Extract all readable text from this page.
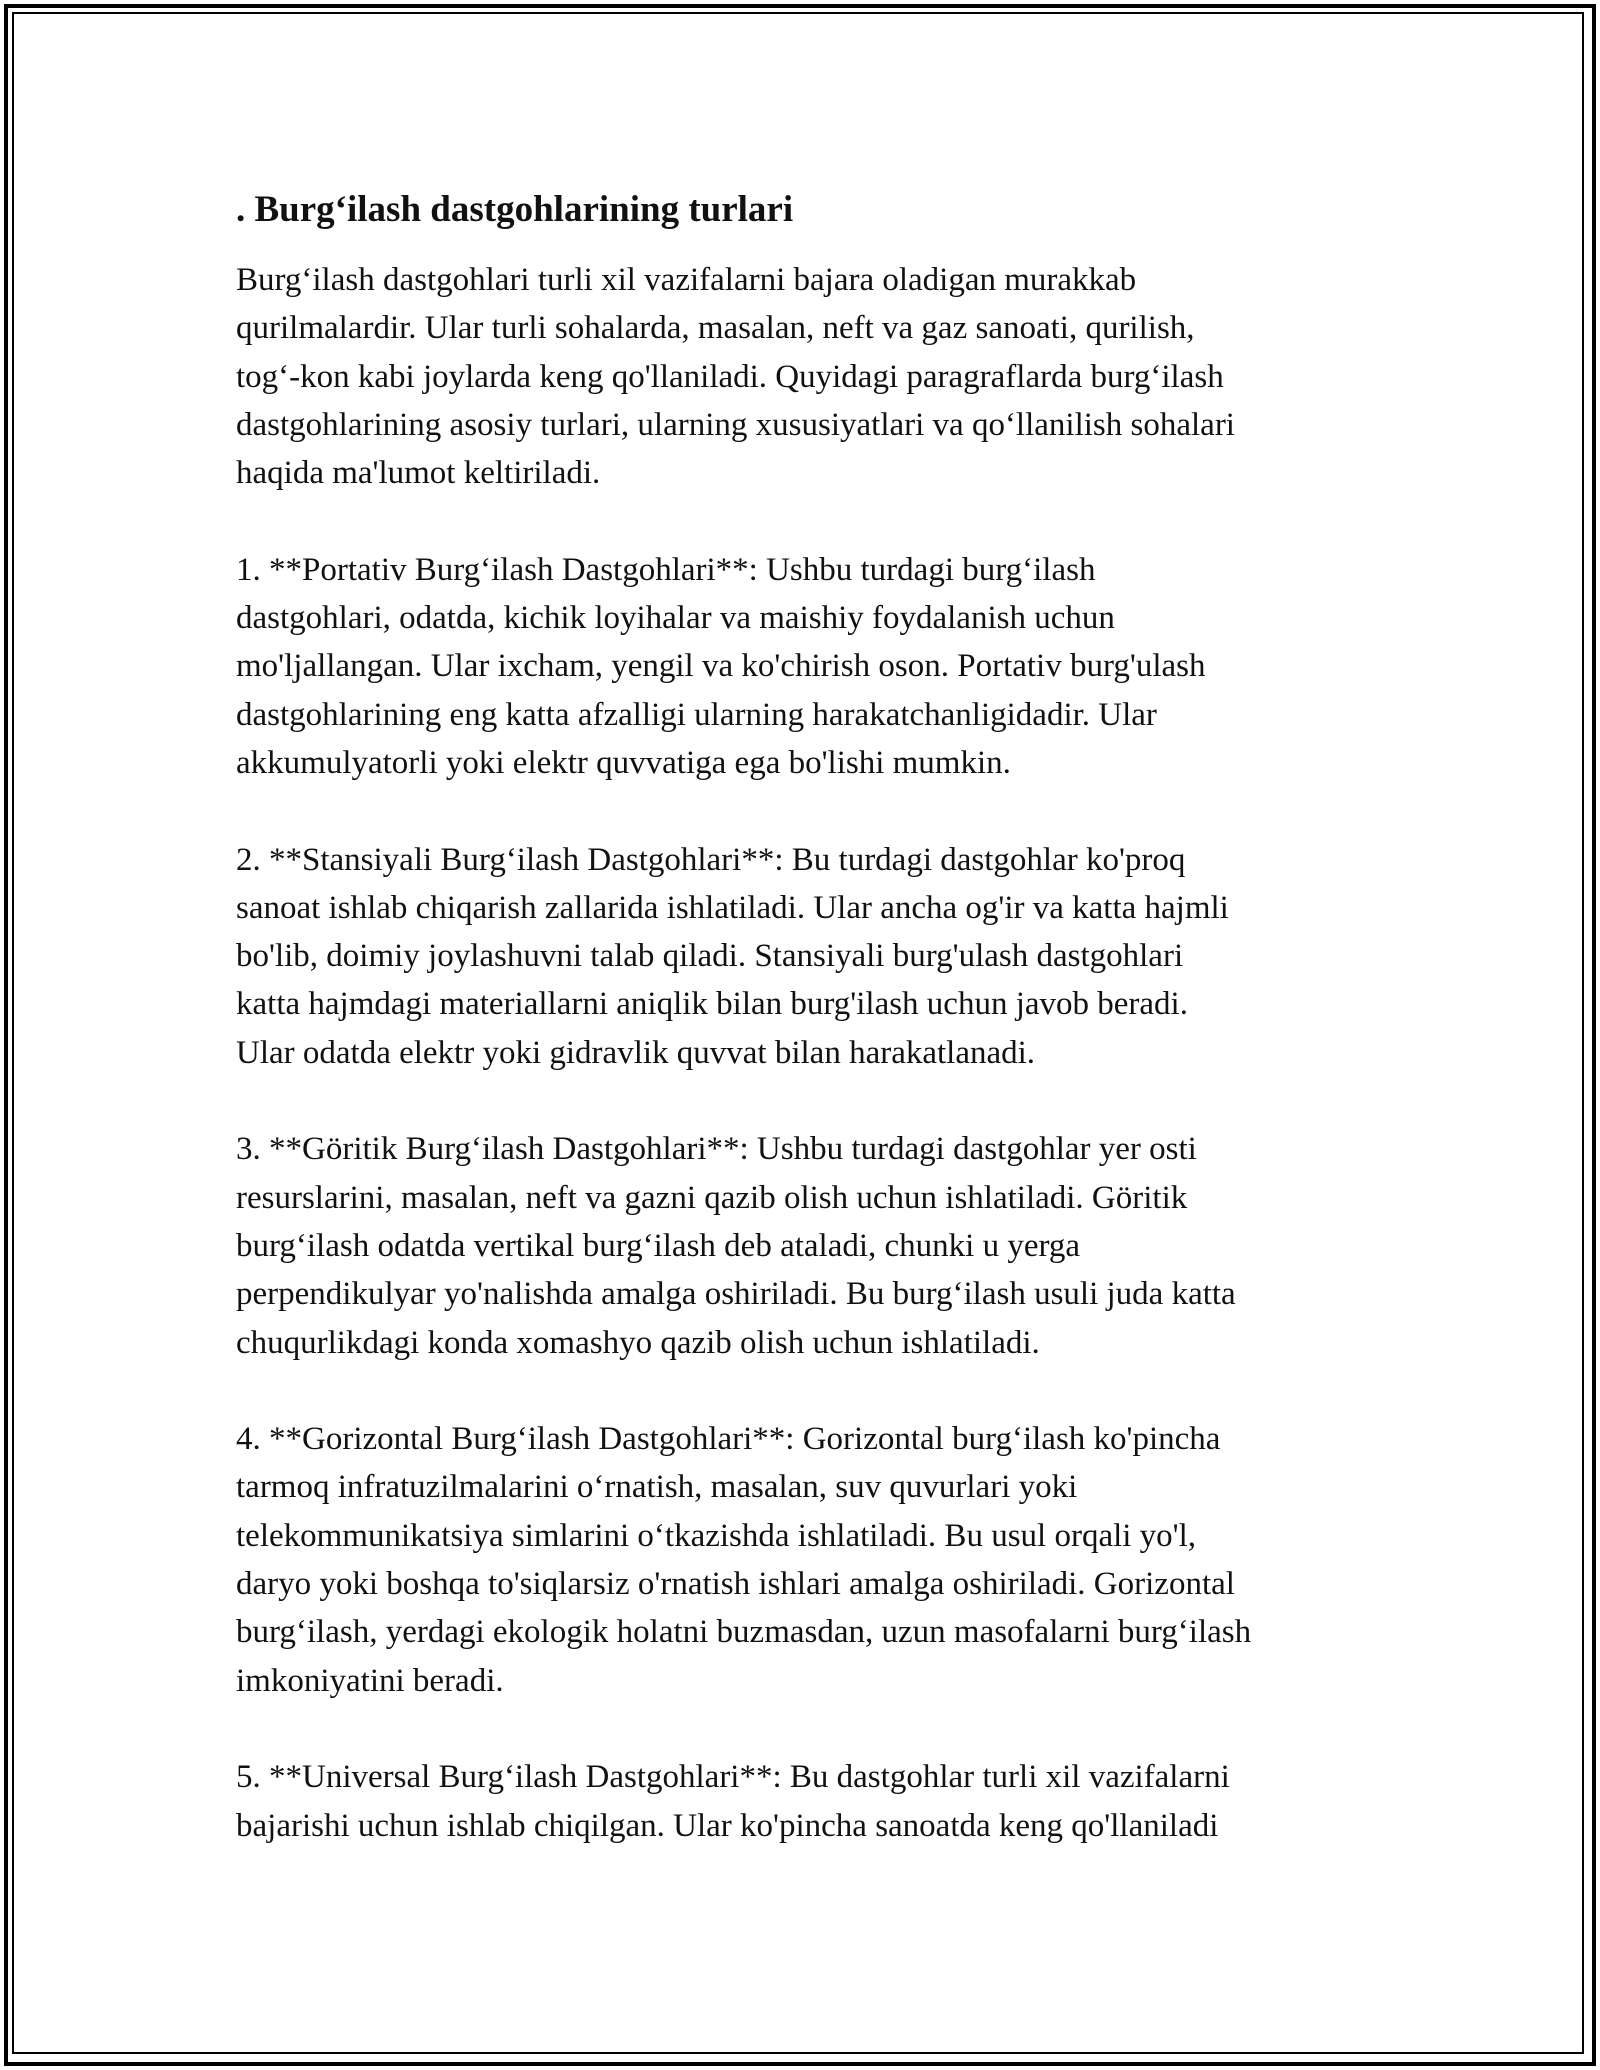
. Burg‘ilash dastgohlarining turlari

Burg‘ilash dastgohlari turli xil vazifalarni bajara oladigan murakkab
qurilmalardir. Ular turli sohalarda, masalan, neft va gaz sanoati, qurilish,
tog‘-kon kabi joylarda keng qo'llaniladi. Quyidagi paragraflarda burg‘ilash
dastgohlarining asosiy turlari, ularning xususiyatlari va qo‘llanilish sohalari
haqida ma'lumot keltiriladi.

1. **Portativ Burg‘ilash Dastgohlari**: Ushbu turdagi burg‘ilash
dastgohlari, odatda, kichik loyihalar va maishiy foydalanish uchun
mo'ljallangan. Ular ixcham, yengil va ko'chirish oson. Portativ burg'ulash
dastgohlarining eng katta afzalligi ularning harakatchanligidadir. Ular
akkumulyatorli yoki elektr quvvatiga ega bo'lishi mumkin.

2. **Stansiyali Burg‘ilash Dastgohlari**: Bu turdagi dastgohlar ko'proq
sanoat ishlab chiqarish zallarida ishlatiladi. Ular ancha og'ir va katta hajmli
bo'lib, doimiy joylashuvni talab qiladi. Stansiyali burg'ulash dastgohlari
katta hajmdagi materiallarni aniqlik bilan burg'ilash uchun javob beradi.
Ular odatda elektr yoki gidravlik quvvat bilan harakatlanadi.

3. **Göritik Burg‘ilash Dastgohlari**: Ushbu turdagi dastgohlar yer osti
resurslarini, masalan, neft va gazni qazib olish uchun ishlatiladi. Göritik
burg‘ilash odatda vertikal burg‘ilash deb ataladi, chunki u yerga
perpendikulyar yo'nalishda amalga oshiriladi. Bu burg‘ilash usuli juda katta
chuqurlikdagi konda xomashyo qazib olish uchun ishlatiladi.

4. **Gorizontal Burg‘ilash Dastgohlari**: Gorizontal burg‘ilash ko'pincha
tarmoq infratuzilmalarini o‘rnatish, masalan, suv quvurlari yoki
telekommunikatsiya simlarini o‘tkazishda ishlatiladi. Bu usul orqali yo'l,
daryo yoki boshqa to'siqlarsiz o'rnatish ishlari amalga oshiriladi. Gorizontal
burg‘ilash, yerdagi ekologik holatni buzmasdan, uzun masofalarni burg‘ilash
imkoniyatini beradi.

5. **Universal Burg‘ilash Dastgohlari**: Bu dastgohlar turli xil vazifalarni
bajarishi uchun ishlab chiqilgan. Ular ko'pincha sanoatda keng qo'llaniladi
